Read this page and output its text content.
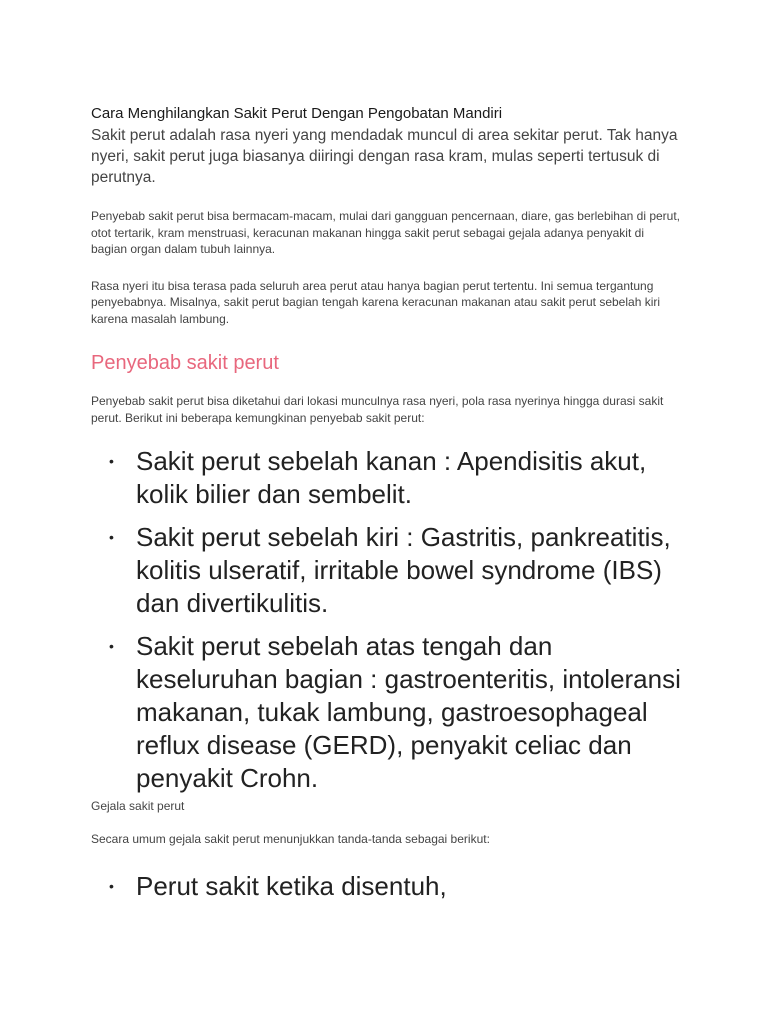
Cara Menghilangkan Sakit Perut Dengan Pengobatan Mandiri

Sakit perut adalah rasa nyeri yang mendadak muncul di area sekitar perut. Tak hanya nyeri, sakit perut juga biasanya diiringi dengan rasa kram, mulas seperti tertusuk di perutnya.

Penyebab sakit perut bisa bermacam-macam, mulai dari gangguan pencernaan, diare, gas berlebihan di perut, otot tertarik, kram menstruasi, keracunan makanan hingga sakit perut sebagai gejala adanya penyakit di bagian organ dalam tubuh lainnya.

Rasa nyeri itu bisa terasa pada seluruh area perut atau hanya bagian perut tertentu. Ini semua tergantung penyebabnya. Misalnya, sakit perut bagian tengah karena keracunan makanan atau sakit perut sebelah kiri karena masalah lambung.

Penyebab sakit perut

Penyebab sakit perut bisa diketahui dari lokasi munculnya rasa nyeri, pola rasa nyerinya hingga durasi sakit perut. Berikut ini beberapa kemungkinan penyebab sakit perut:

• Sakit perut sebelah kanan : Apendisitis akut, kolik bilier dan sembelit.
• Sakit perut sebelah kiri : Gastritis, pankreatitis, kolitis ulseratif, irritable bowel syndrome (IBS) dan divertikulitis.
• Sakit perut sebelah atas tengah dan keseluruhan bagian : gastroenteritis, intoleransi makanan, tukak lambung, gastroesophageal reflux disease (GERD), penyakit celiac dan penyakit Crohn.

Gejala sakit perut

Secara umum gejala sakit perut menunjukkan tanda-tanda sebagai berikut:

• Perut sakit ketika disentuh,
